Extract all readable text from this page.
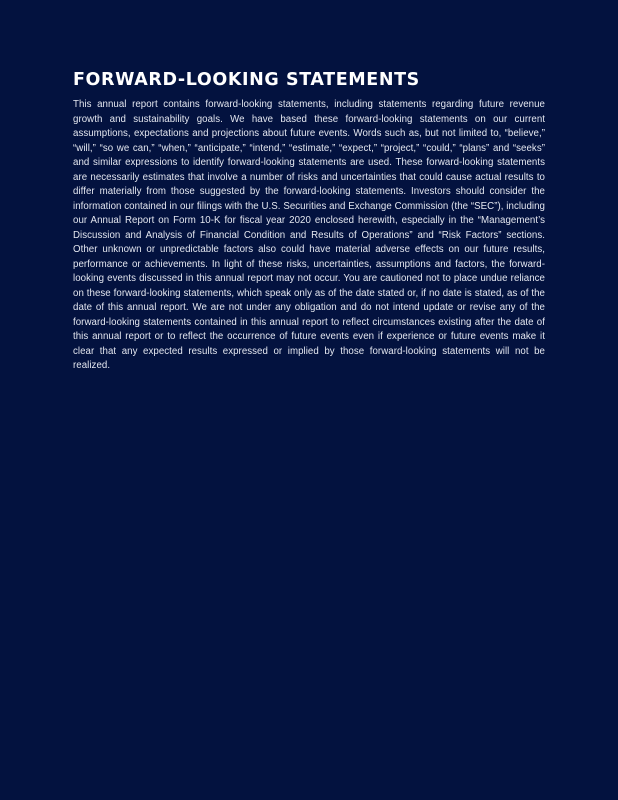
FORWARD-LOOKING STATEMENTS

This annual report contains forward-looking statements, including statements regarding future revenue growth and sustainability goals. We have based these forward-looking statements on our current assumptions, expectations and projections about future events. Words such as, but not limited to, “believe,” “will,” “so we can,” “when,” “anticipate,” “intend,” “estimate,” “expect,” “project,” “could,” “plans” and “seeks” and similar expressions to identify forward-looking statements are used. These forward-looking statements are necessarily estimates that involve a number of risks and uncertainties that could cause actual results to differ materially from those suggested by the forward-looking statements. Investors should consider the information contained in our filings with the U.S. Securities and Exchange Commission (the “SEC”), including our Annual Report on Form 10-K for fiscal year 2020 enclosed herewith, especially in the “Management’s Discussion and Analysis of Financial Condition and Results of Operations” and “Risk Factors” sections. Other unknown or unpredictable factors also could have material adverse effects on our future results, performance or achievements. In light of these risks, uncertainties, assumptions and factors, the forward-looking events discussed in this annual report may not occur. You are cautioned not to place undue reliance on these forward-looking statements, which speak only as of the date stated or, if no date is stated, as of the date of this annual report. We are not under any obligation and do not intend update or revise any of the forward-looking statements contained in this annual report to reflect circumstances existing after the date of this annual report or to reflect the occurrence of future events even if experience or future events make it clear that any expected results expressed or implied by those forward-looking statements will not be realized.
